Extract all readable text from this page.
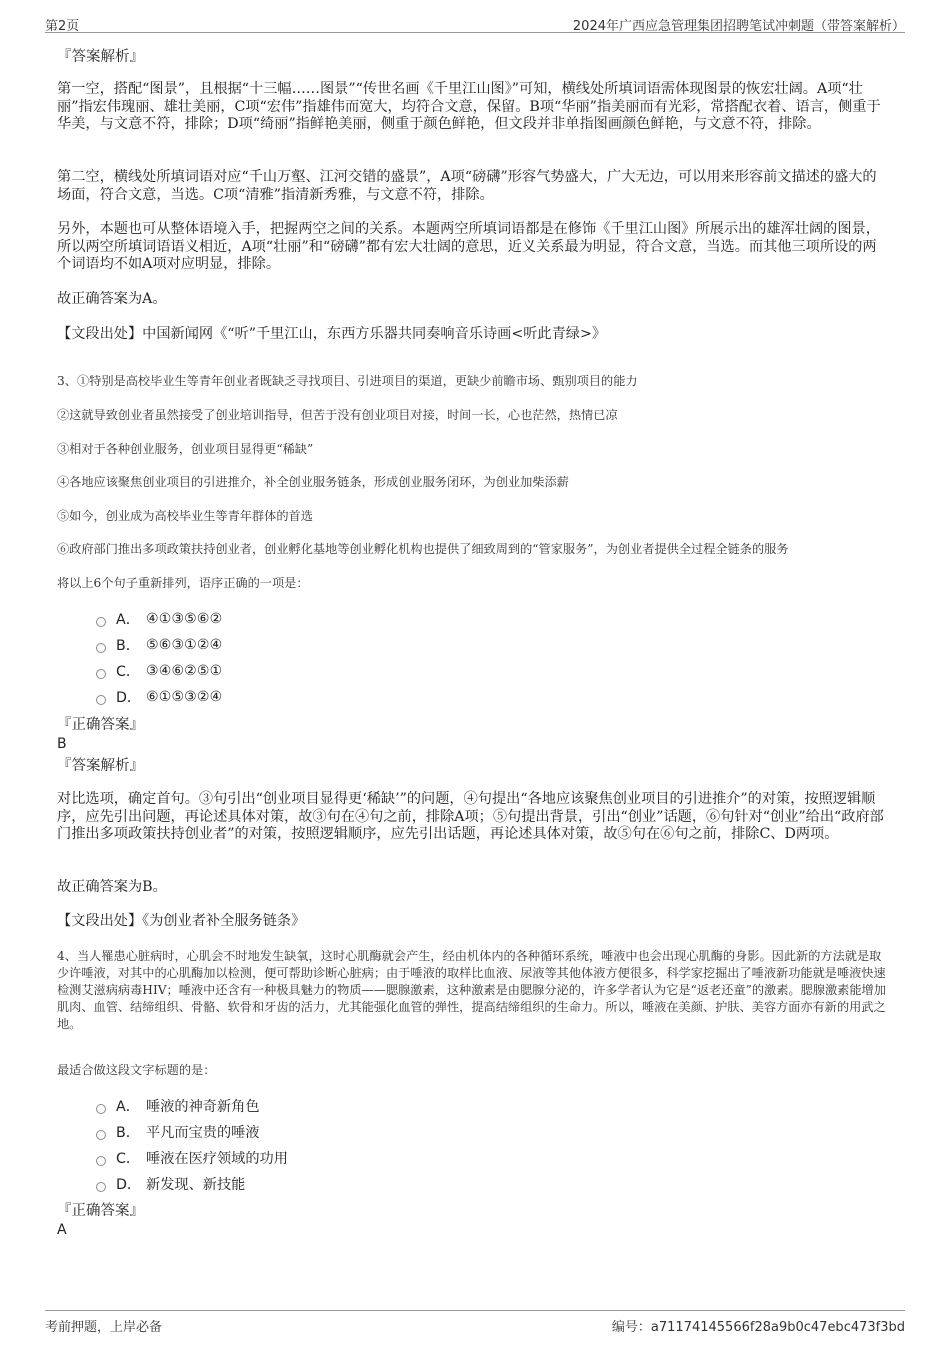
第2页	2024年广西应急管理集团招聘笔试冲刺题（带答案解析）
『答案解析』
第一空，搭配“图景”，且根据“十三幅……图景”“传世名画《千里江山图》”可知，横线处所填词语需体现图景的恢宏壮阔。A项“壮丽”指宏伟瑰丽、雄壮美丽，C项“宏伟”指雄伟而宽大，均符合文意，保留。B项“华丽”指美丽而有光彩，常搭配衣着、语言，侧重于华美，与文意不符，排除；D项“绮丽”指鲜艳美丽，侧重于颜色鲜艳，但文段并非单指图画颜色鲜艳，与文意不符，排除。
第二空，横线处所填词语对应“千山万壑、江河交错的盛景”，A项“磅礴”形容气势盛大，广大无边，可以用来形容前文描述的盛大的场面，符合文意，当选。C项“清雅”指清新秀雅，与文意不符，排除。
另外，本题也可从整体语境入手，把握两空之间的关系。本题两空所填词语都是在修饰《千里江山图》所展示出的雄浑壮阔的图景，所以两空所填词语语义相近，A项“壮丽”和“磅礴”都有宏大壮阔的意思，近义关系最为明显，符合文意，当选。而其他三项所设的两个词语均不如A项对应明显，排除。
故正确答案为A。
【文段出处】中国新闻网《“听”千里江山，东西方乐器共同奏响音乐诗画<听此青绿>》
3、①特别是高校毕业生等青年创业者既缺乏寻找项目、引进项目的渠道，更缺少前瞻市场、甄别项目的能力
②这就导致创业者虽然接受了创业培训指导，但苦于没有创业项目对接，时间一长，心也茫然，热情已凉
③相对于各种创业服务，创业项目显得更“稀缺”
④各地应该聚焦创业项目的引进推介，补全创业服务链条，形成创业服务闭环，为创业加柴添薪
⑤如今，创业成为高校毕业生等青年群体的首选
⑥政府部门推出多项政策扶持创业者，创业孵化基地等创业孵化机构也提供了细致周到的“管家服务”，为创业者提供全过程全链条的服务
将以上6个句子重新排列，语序正确的一项是：
A． ④①③⑤⑥②
B． ⑤⑥③①②④
C． ③④⑥②⑤①
D． ⑥①⑤③②④
『正确答案』
B
『答案解析』
对比选项，确定首句。③句引出“创业项目显得更‘稀缺’”的问题，④句提出“各地应该聚焦创业项目的引进推介”的对策，按照逻辑顺序，应先引出问题，再论述具体对策，故③句在④句之前，排除A项；⑤句提出背景，引出“创业”话题，⑥句针对“创业”给出“政府部门推出多项政策扶持创业者”的对策，按照逻辑顺序，应先引出话题，再论述具体对策，故⑤句在⑥句之前，排除C、D两项。
故正确答案为B。
【文段出处】《为创业者补全服务链条》
4、当人罹患心脏病时，心肌会不时地发生缺氧，这时心肌酶就会产生，经由机体内的各种循环系统，唾液中也会出现心肌酶的身影。因此新的方法就是取少许唾液，对其中的心肌酶加以检测，便可帮助诊断心脏病；由于唾液的取样比血液、尿液等其他体液方便很多，科学家挖掘出了唾液新功能就是唾液快速检测艾滋病病毒HIV；唾液中还含有一种极具魅力的物质——腮腺激素，这种激素是由腮腺分泌的，许多学者认为它是“返老还童”的激素。腮腺激素能增加肌肉、血管、结缔组织、骨骼、软骨和牙齿的活力，尤其能强化血管的弹性，提高结缔组织的生命力。所以，唾液在美颜、护肤、美容方面亦有新的用武之地。
最适合做这段文字标题的是：
A． 唾液的神奇新角色
B． 平凡而宝贵的唾液
C． 唾液在医疗领域的功用
D． 新发现、新技能
『正确答案』
A
考前押题，上岸必备	编号：a71174145566f28a9b0c47ebc473f3bd
